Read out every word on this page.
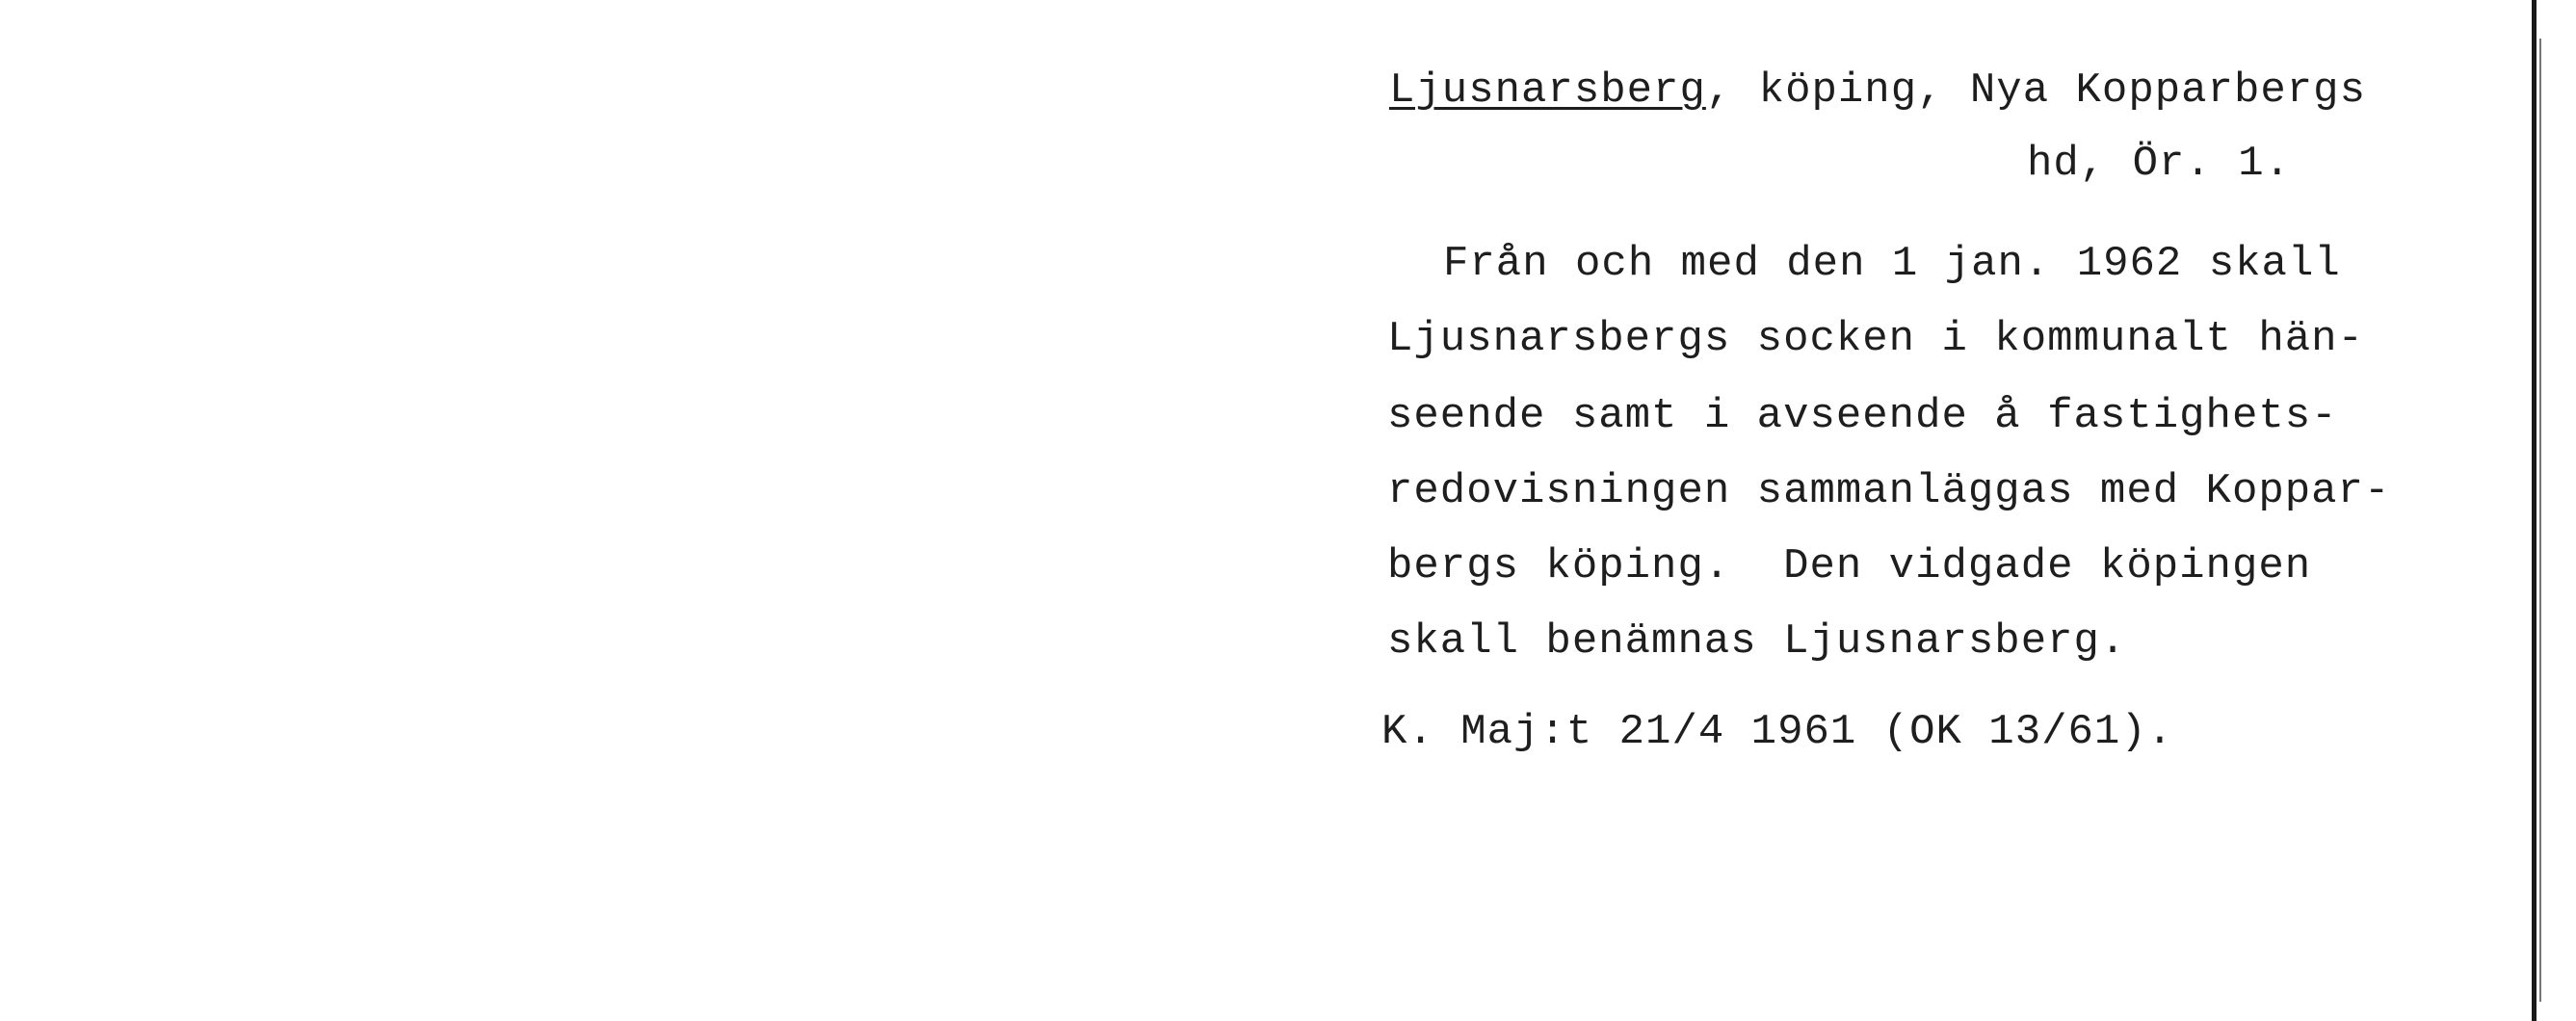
Ljusnarsberg, köping, Nya Kopparbergs
hd, Ör. 1.
Från och med den 1 jan. 1962 skall
Ljusnarsbergs socken i kommunalt hän-
seende samt i avseende å fastighets-
redovisningen sammanläggas med Koppar-
bergs köping.  Den vidgade köpingen
skall benämnas Ljusnarsberg.
K. Maj:t 21/4 1961 (OK 13/61).
